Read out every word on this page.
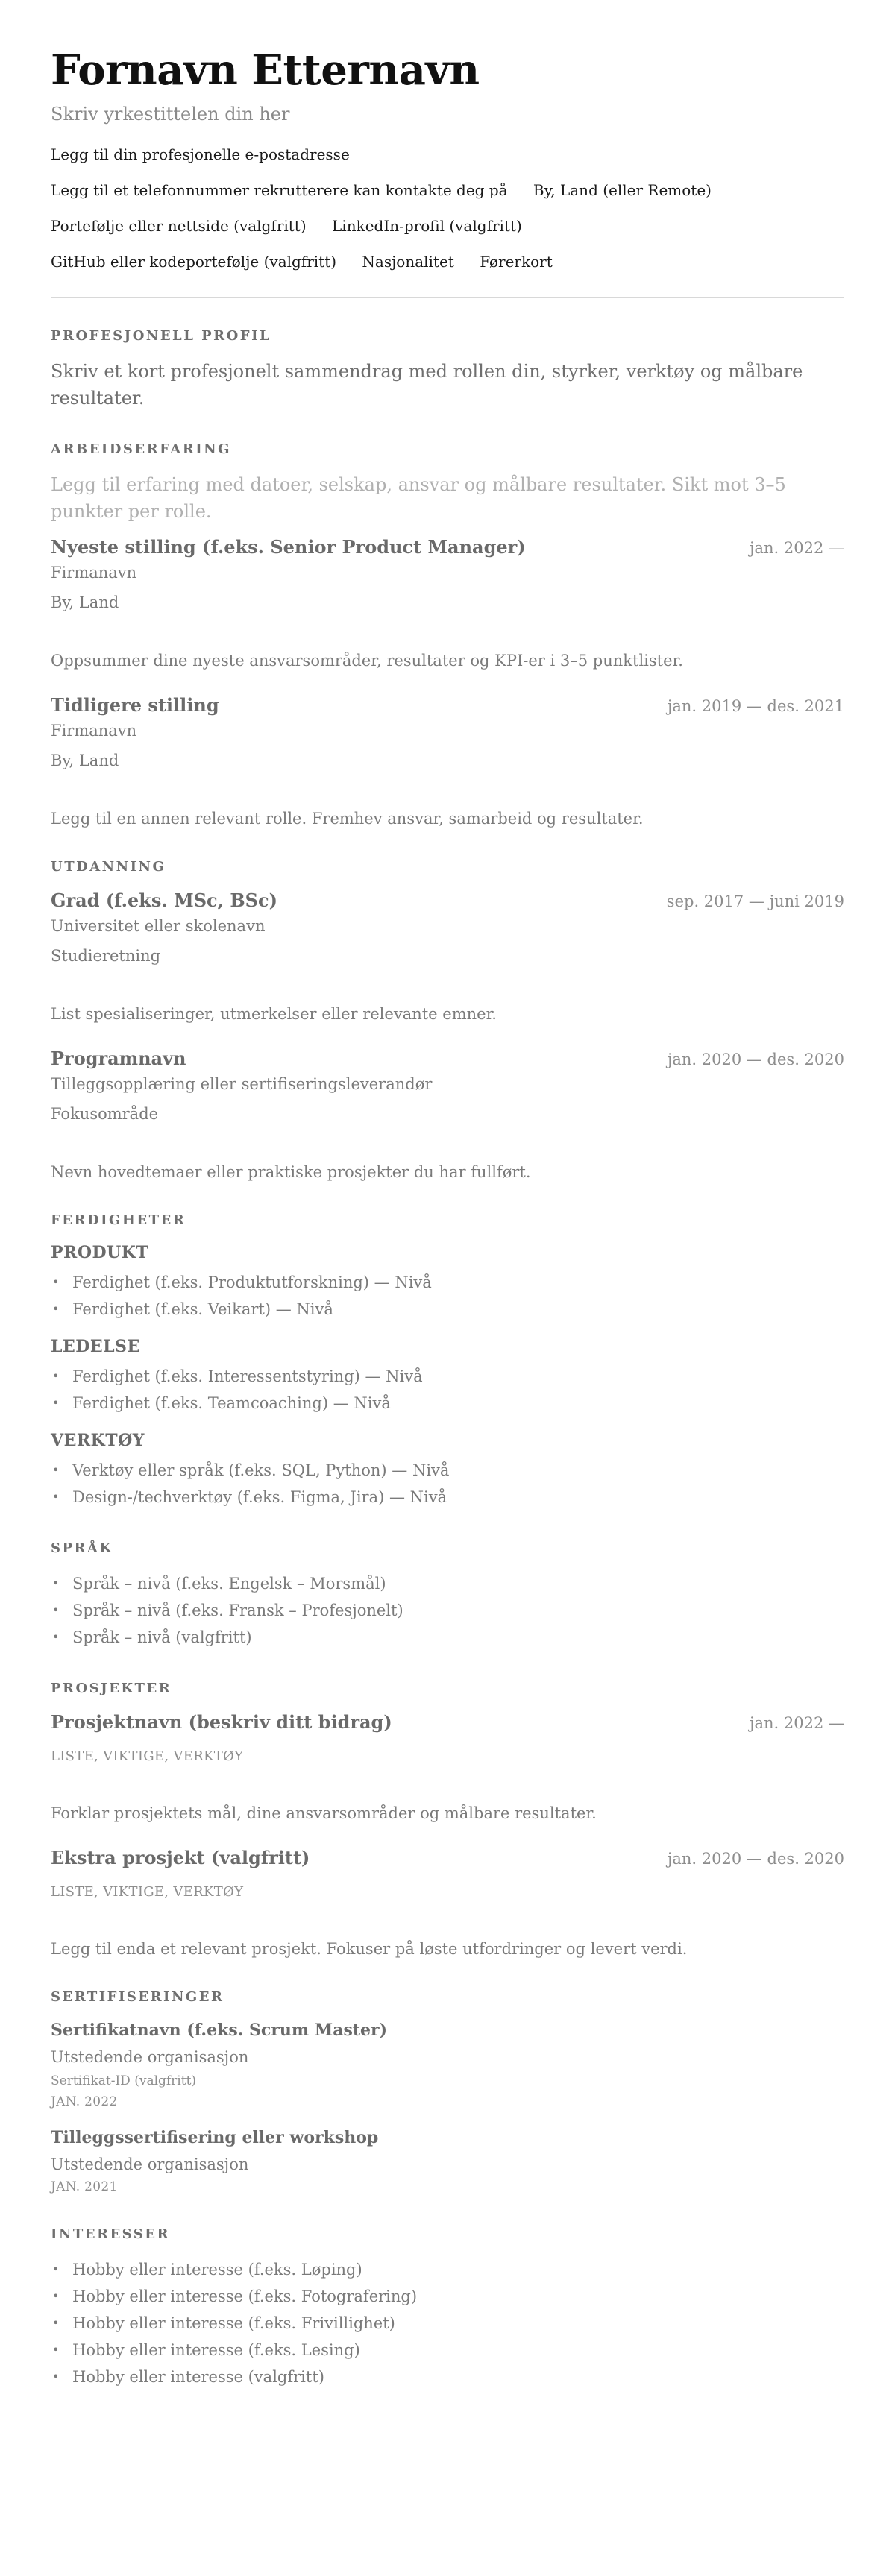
Fornavn Etternavn
Skriv yrkestittelen din her
Legg til din profesjonelle e-postadresse
Legg til et telefonnummer rekrutterere kan kontakte deg på By, Land (eller Remote)
Portefølje eller nettside (valgfritt) LinkedIn-profil (valgfritt)
GitHub eller kodeportefølje (valgfritt) Nasjonalitet Førerkort
PROFESJONELL PROFIL
Skriv et kort profesjonelt sammendrag med rollen din, styrker, verktøy og målbare resultater.
ARBEIDSERFARING
Legg til erfaring med datoer, selskap, ansvar og målbare resultater. Sikt mot 3–5 punkter per rolle.
Nyeste stilling (f.eks. Senior Product Manager)	jan. 2022 —
Firmanavn
By, Land
Oppsummer dine nyeste ansvarsområder, resultater og KPI-er i 3–5 punktlister.
Tidligere stilling	jan. 2019 — des. 2021
Firmanavn
By, Land
Legg til en annen relevant rolle. Fremhev ansvar, samarbeid og resultater.
UTDANNING
Grad (f.eks. MSc, BSc)	sep. 2017 — juni 2019
Universitet eller skolenavn
Studieretning
List spesialiseringer, utmerkelser eller relevante emner.
Programnavn	jan. 2020 — des. 2020
Tilleggsopplæring eller sertifiseringsleverandør
Fokusområde
Nevn hovedtemaer eller praktiske prosjekter du har fullført.
FERDIGHETER
PRODUKT
• Ferdighet (f.eks. Produktutforskning) — Nivå
• Ferdighet (f.eks. Veikart) — Nivå
LEDELSE
• Ferdighet (f.eks. Interessentstyring) — Nivå
• Ferdighet (f.eks. Teamcoaching) — Nivå
VERKTØY
• Verktøy eller språk (f.eks. SQL, Python) — Nivå
• Design-/techverktøy (f.eks. Figma, Jira) — Nivå
SPRÅK
• Språk – nivå (f.eks. Engelsk – Morsmål)
• Språk – nivå (f.eks. Fransk – Profesjonelt)
• Språk – nivå (valgfritt)
PROSJEKTER
Prosjektnavn (beskriv ditt bidrag)	jan. 2022 —
LISTE, VIKTIGE, VERKTØY
Forklar prosjektets mål, dine ansvarsområder og målbare resultater.
Ekstra prosjekt (valgfritt)	jan. 2020 — des. 2020
LISTE, VIKTIGE, VERKTØY
Legg til enda et relevant prosjekt. Fokuser på løste utfordringer og levert verdi.
SERTIFISERINGER
Sertifikatnavn (f.eks. Scrum Master)
Utstedende organisasjon
Sertifikat-ID (valgfritt)
JAN. 2022
Tilleggssertifisering eller workshop
Utstedende organisasjon
JAN. 2021
INTERESSER
• Hobby eller interesse (f.eks. Løping)
• Hobby eller interesse (f.eks. Fotografering)
• Hobby eller interesse (f.eks. Frivillighet)
• Hobby eller interesse (f.eks. Lesing)
• Hobby eller interesse (valgfritt)
